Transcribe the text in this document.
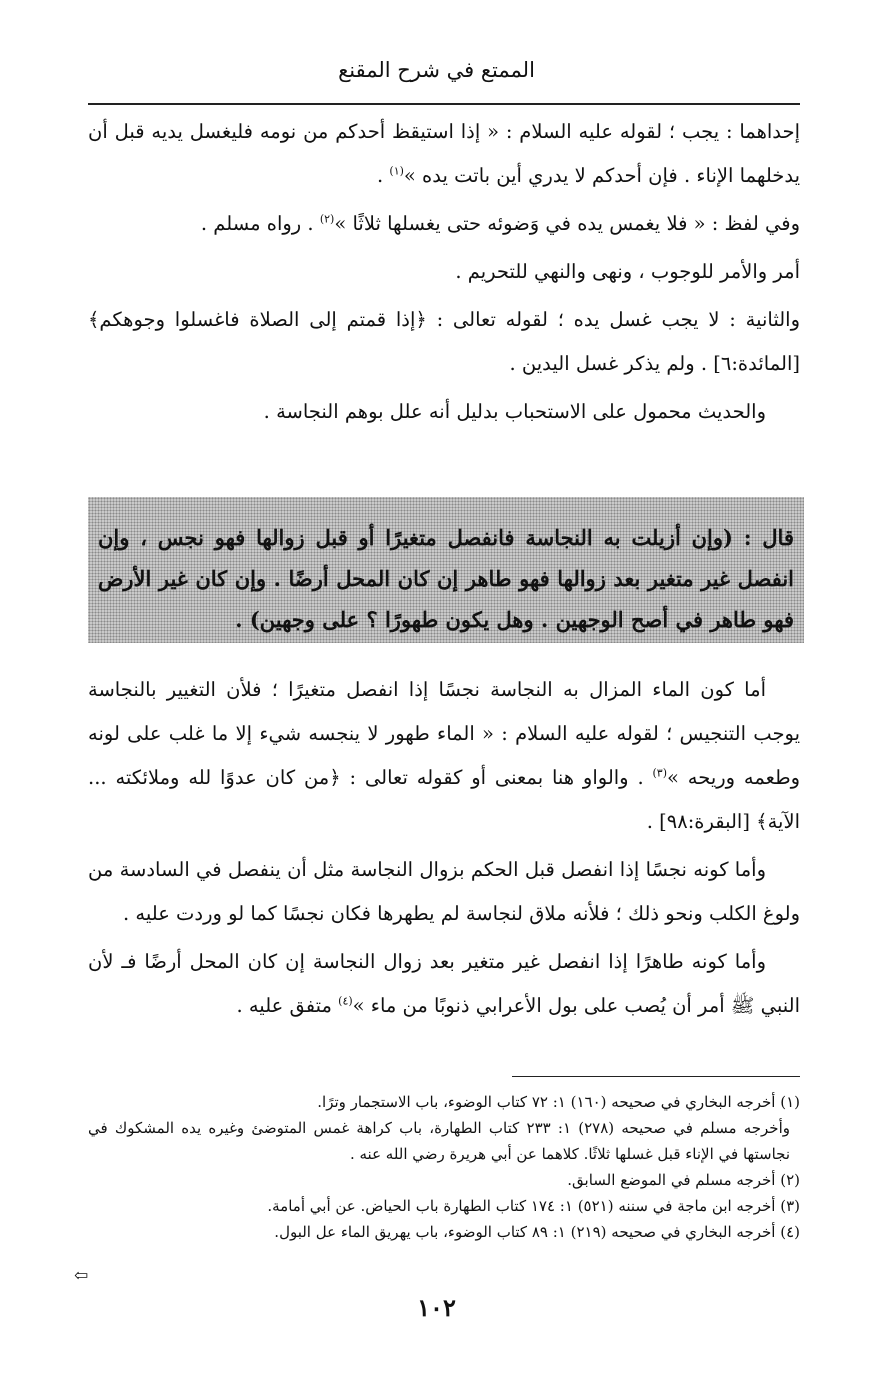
الممتع في شرح المقنع

إحداهما : يجب ؛ لقوله عليه السلام : « إذا استيقظ أحدكم من نومه فليغسل يديه قبل أن يدخلهما الإناء . فإن أحدكم لا يدري أين باتت يده »$^{(١)}$ .

وفي لفظ : « فلا يغمس يده في وَضوئه حتى يغسلها ثلاثًا »$^{(٢)}$ . رواه مسلم .

أمر والأمر للوجوب ، ونهى والنهي للتحريم .

والثانية : لا يجب غسل يده ؛ لقوله تعالى : ﴿إذا قمتم إلى الصلاة فاغسلوا وجوهكم﴾ [المائدة:٦] . ولم يذكر غسل اليدين .

والحديث محمول على الاستحباب بدليل أنه علل بوهم النجاسة .

قال : (وإن أزيلت به النجاسة فانفصل متغيرًا أو قبل زوالها فهو نجس ، وإن انفصل غير متغير بعد زوالها فهو طاهر إن كان المحل أرضًا . وإن كان غير الأرض فهو طاهر في أصح الوجهين . وهل يكون طهورًا ؟ على وجهين) .

أما كون الماء المزال به النجاسة نجسًا إذا انفصل متغيرًا ؛ فلأن التغيير بالنجاسة يوجب التنجيس ؛ لقوله عليه السلام : « الماء طهور لا ينجسه شيء إلا ما غلب على لونه وطعمه وريحه »$^{(٣)}$ . والواو هنا بمعنى أو كقوله تعالى : ﴿من كان عدوًا لله وملائكته ... الآية﴾ [البقرة:٩٨] .

وأما كونه نجسًا إذا انفصل قبل الحكم بزوال النجاسة مثل أن ينفصل في السادسة من ولوغ الكلب ونحو ذلك ؛ فلأنه ملاق لنجاسة لم يطهرها فكان نجسًا كما لو وردت عليه .

وأما كونه طاهرًا إذا انفصل غير متغير بعد زوال النجاسة إن كان المحل أرضًا فـ لأن النبي ﷺ أمر أن يُصب على بول الأعرابي ذنوبًا من ماء »$^{(٤)}$ متفق عليه .

(١) أخرجه البخاري في صحيحه (١٦٠) ١: ٧٢ كتاب الوضوء، باب الاستجمار وترًا.

وأخرجه مسلم في صحيحه (٢٧٨) ١: ٢٣٣ كتاب الطهارة، باب كراهة غمس المتوضئ وغيره يده المشكوك في نجاستها في الإناء قبل غسلها ثلاثًا. كلاهما عن أبي هريرة رضي الله عنه .

(٢) أخرجه مسلم في الموضع السابق.

(٣) أخرجه ابن ماجة في سننه (٥٢١) ١: ١٧٤ كتاب الطهارة باب الحياض. عن أبي أمامة.

(٤) أخرجه البخاري في صحيحه (٢١٩) ١: ٨٩ كتاب الوضوء، باب يهريق الماء عل البول.

⇦
١٠٢
